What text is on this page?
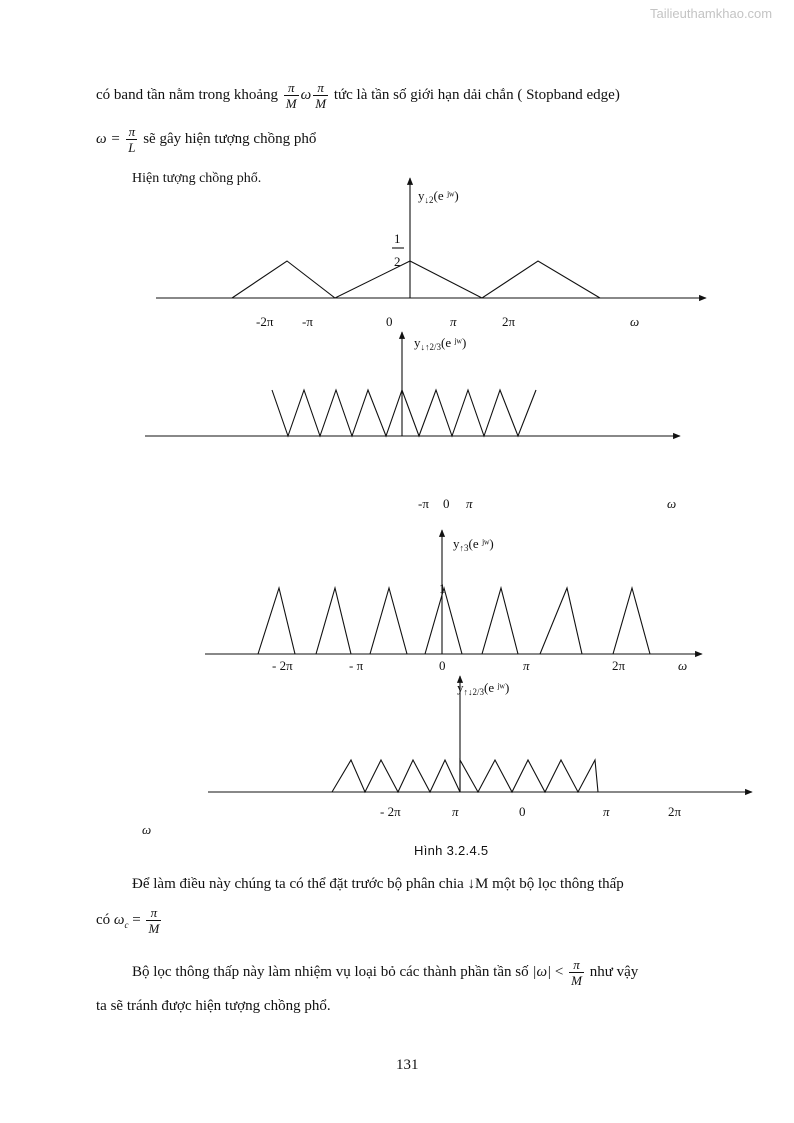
Tailieuthamkhao.com
có band tần nằm trong khoảng $\frac{\pi}{M}$ ω $\frac{\pi}{M}$ tức là tần số giới hạn dải chắn ( Stopband edge)
$\omega = \frac{\pi}{L}$ sẽ gây hiện tượng chồng phổ
Hiện tượng chồng phổ.
$y_{↓2}(e$ ʲʷ)
1
2
-2π -π	0	π	2π	ω
$y_{↓↑2/3}(e$ ʲʷ)
-π 0 π	ω
$y_{↑3}(e$ ʲʷ)
1
- 2π	- π	0	π	2π	ω
$y_{↑↓2/3}(e$ ʲʷ)
- 2π	π	0	π	2π
ω
Hình 3.2.4.5
Để làm điều này chúng ta có thể đặt trước bộ phân chia ↓M một bộ lọc thông thấp
có $\omega_c = \frac{\pi}{M}$
Bộ lọc thông thấp này làm nhiệm vụ loại bỏ các thành phần tần số $|\omega| < \frac{\pi}{M}$ như vậy
ta sẽ tránh được hiện tượng chồng phổ.
131
